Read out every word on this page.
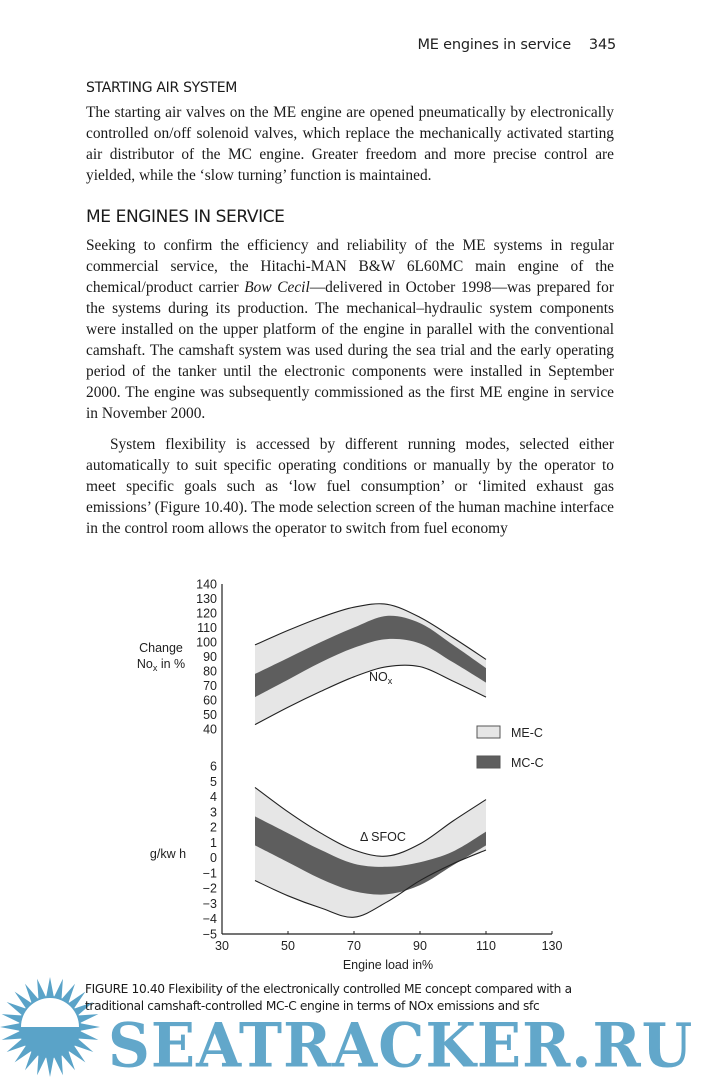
ME engines in service 345
STARTING AIR SYSTEM

The starting air valves on the ME engine are opened pneumatically by electronically controlled on/off solenoid valves, which replace the mechanically activated starting air distributor of the MC engine. Greater freedom and more precise control are yielded, while the ‘slow turning’ function is maintained.

ME ENGINES IN SERVICE

Seeking to confirm the efficiency and reliability of the ME systems in regular commercial service, the Hitachi-MAN B&W 6L60MC main engine of the chemical/product carrier Bow Cecil—delivered in October 1998—was prepared for the systems during its production. The mechanical–hydraulic system components were installed on the upper platform of the engine in parallel with the conventional camshaft. The camshaft system was used during the sea trial and the early operating period of the tanker until the electronic components were installed in September 2000. The engine was subsequently commissioned as the first ME engine in service in November 2000.

System flexibility is accessed by different running modes, selected either automatically to suit specific operating conditions or manually by the operator to meet specific goals such as ‘low fuel consumption’ or ‘limited exhaust gas emissions’ (Figure 10.40). The mode selection screen of the human machine interface in the control room allows the operator to switch from fuel economy

140
130
120
110
100
90
80
70
60
50
40
$NO_x$
Change
$No_x$ in %
6
5
4
3
2
1
0
−1
−2
−3
−4
−5
Δ SFOC
g/kw h
30	50	70	90	110	130
Engine load in%
ME-C
MC-C
SEATRACKER.RU
FIGURE 10.40 Flexibility of the electronically controlled ME concept compared with a traditional camshaft-controlled MC-C engine in terms of NOx emissions and sfc
